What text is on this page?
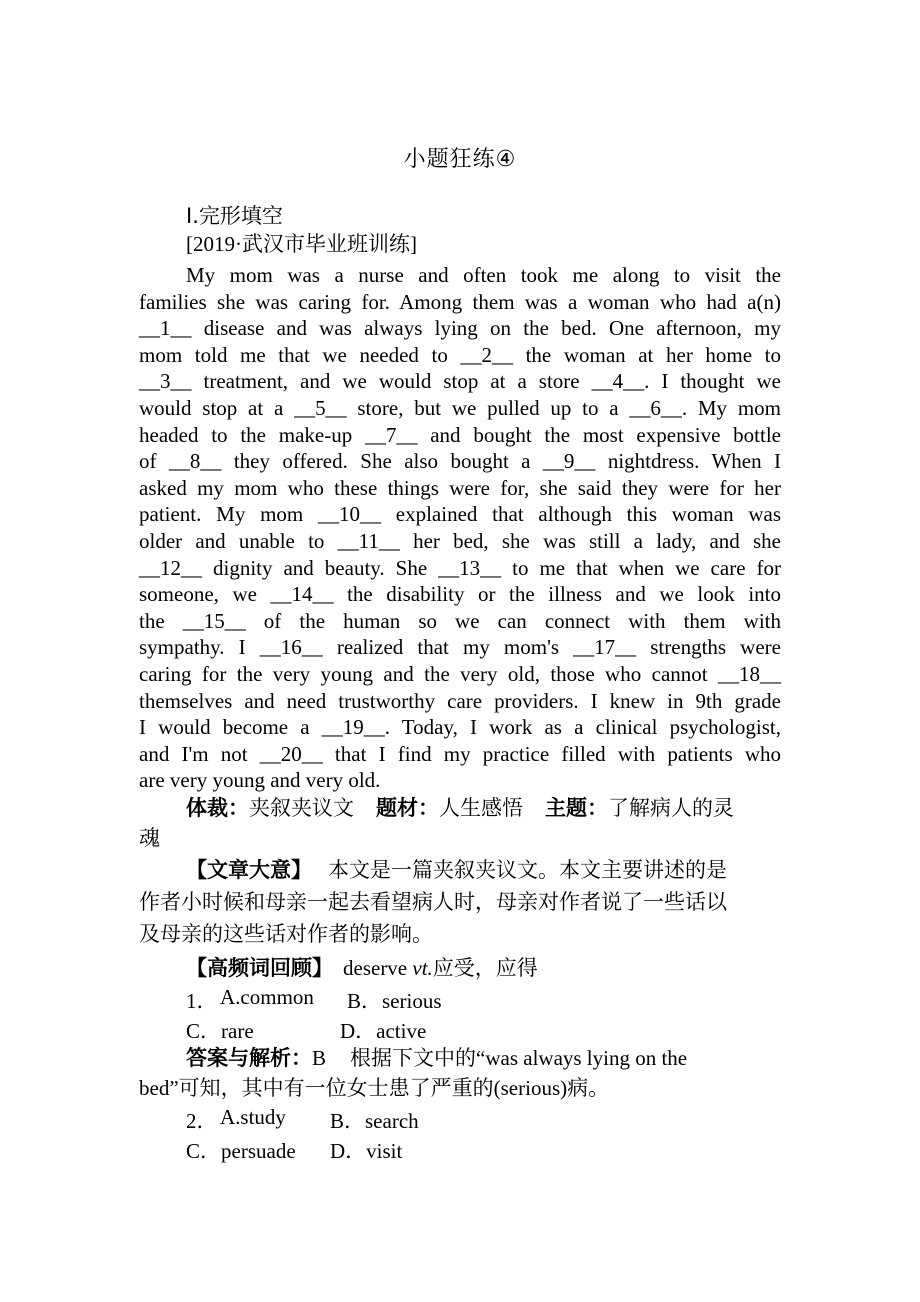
小题狂练④
Ⅰ.完形填空
[2019·武汉市毕业班训练]
My mom was a nurse and often took me along to visit the
families she was caring for. Among them was a woman who had a(n)
__1__ disease and was always lying on the bed. One afternoon, my
mom told me that we needed to __2__ the woman at her home to
__3__ treatment, and we would stop at a store __4__. I thought we
would stop at a __5__ store, but we pulled up to a __6__. My mom
headed to the make-up __7__ and bought the most expensive bottle
of __8__ they offered. She also bought a __9__ nightdress. When I
asked my mom who these things were for, she said they were for her
patient. My mom __10__ explained that although this woman was
older and unable to __11__ her bed, she was still a lady, and she
__12__ dignity and beauty. She __13__ to me that when we care for
someone, we __14__ the disability or the illness and we look into
the __15__ of the human so we can connect with them with
sympathy. I __16__ realized that my mom's __17__ strengths were
caring for the very young and the very old, those who cannot __18__
themselves and need trustworthy care providers. I knew in 9th grade
I would become a __19__. Today, I work as a clinical psychologist,
and I'm not __20__ that I find my practice filled with patients who
are very young and very old.
体裁：夹叙夹议文 题材：人生感悟 主题：了解病人的灵
魂
【文章大意】 本文是一篇夹叙夹议文。本文主要讲述的是
作者小时候和母亲一起去看望病人时，母亲对作者说了一些话以
及母亲的这些话对作者的影响。
【高频词回顾】 deserve vt.应受，应得
1． A.common B．serious
C．rare	D．active
答案与解析：B 根据下文中的“was always lying on the
bed”可知，其中有一位女士患了严重的(serious)病。
2． A.study B．search
C．persuade D．visit
